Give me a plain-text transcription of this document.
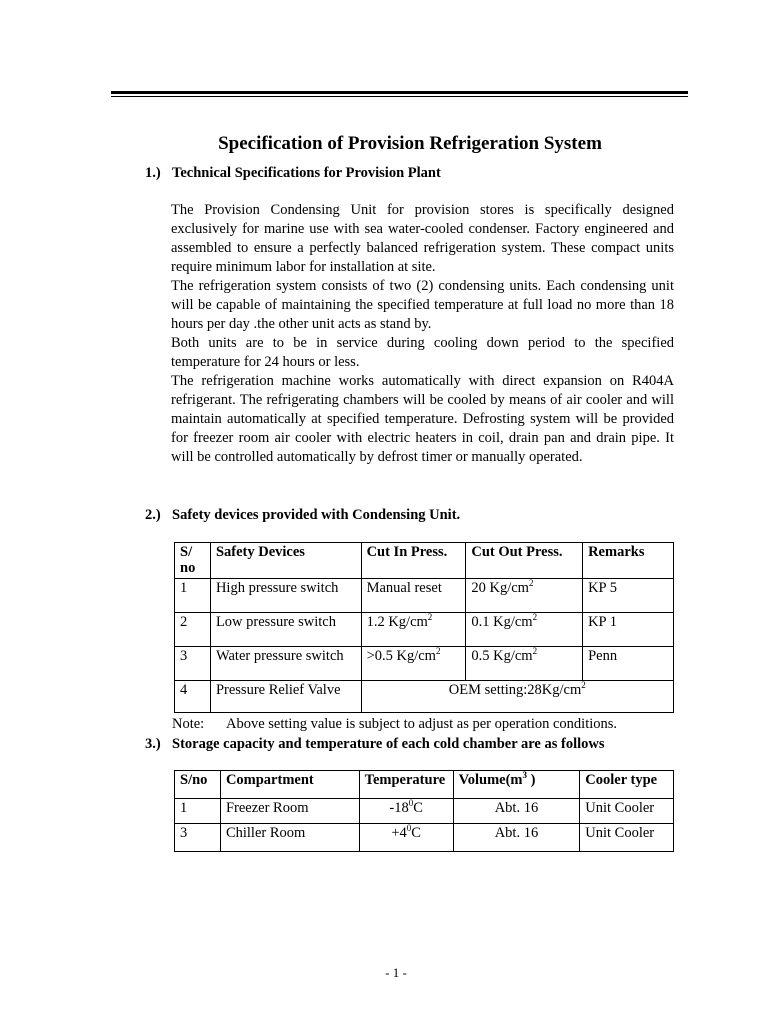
Specification of Provision Refrigeration System
1.) Technical Specifications for Provision Plant

The Provision Condensing Unit for provision stores is specifically designed exclusively for marine use with sea water-cooled condenser. Factory engineered and assembled to ensure a perfectly balanced refrigeration system. These compact units require minimum labor for installation at site.

The refrigeration system consists of two (2) condensing units. Each condensing unit will be capable of maintaining the specified temperature at full load no more than 18 hours per day .the other unit acts as stand by.

Both units are to be in service during cooling down period to the specified temperature for 24 hours or less.

The refrigeration machine works automatically with direct expansion on R404A refrigerant. The refrigerating chambers will be cooled by means of air cooler and will maintain automatically at specified temperature. Defrosting system will be provided for freezer room air cooler with electric heaters in coil, drain pan and drain pipe. It will be controlled automatically by defrost timer or manually operated.

2.) Safety devices provided with Condensing Unit.
S/ no	Safety Devices	Cut In Press.	Cut Out Press.	Remarks
1	High pressure switch	Manual reset	20 $Kg/cm^2$	KP 5
2	Low pressure switch	1.2 $Kg/cm^2$	0.1 $Kg/cm^2$	KP 1
3	Water pressure switch	>0.5 $Kg/cm^2$	0.5 $Kg/cm^2$	Penn
4	Pressure Relief Valve	OEM $setting:28Kg/cm^2$
Note: Above setting value is subject to adjust as per operation conditions.
3.) Storage capacity and temperature of each cold chamber are as follows
S/no	Compartment	Temperature	$Volume(m^3$ )	Cooler type
1	Freezer Room	$-18^0C$	Abt. 16	Unit Cooler
3	Chiller Room	$+4^0C$	Abt. 16	Unit Cooler
- 1 -
